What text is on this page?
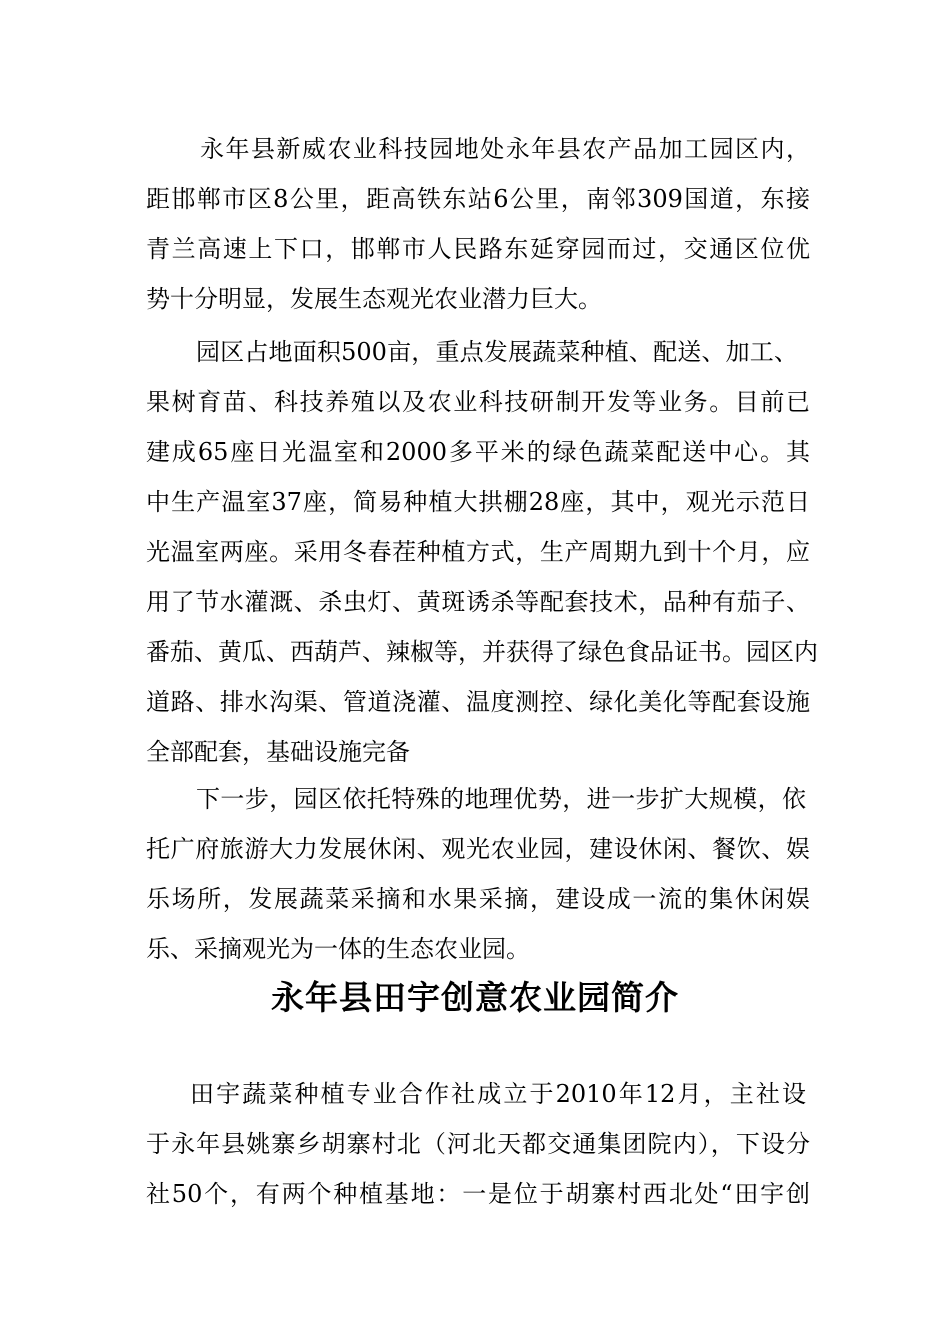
永年县新威农业科技园地处永年县农产品加工园区内，
距邯郸市区8公里，距高铁东站6公里，南邻309国道，东接
青兰高速上下口，邯郸市人民路东延穿园而过，交通区位优
势十分明显，发展生态观光农业潜力巨大。
园区占地面积500亩，重点发展蔬菜种植、配送、加工、
果树育苗、科技养殖以及农业科技研制开发等业务。目前已
建成65座日光温室和2000多平米的绿色蔬菜配送中心。其
中生产温室37座，简易种植大拱棚28座，其中，观光示范日
光温室两座。采用冬春茬种植方式，生产周期九到十个月，应
用了节水灌溉、杀虫灯、黄斑诱杀等配套技术，品种有茄子、
番茄、黄瓜、西葫芦、辣椒等，并获得了绿色食品证书。园区内
道路、排水沟渠、管道浇灌、温度测控、绿化美化等配套设施
全部配套，基础设施完备
下一步，园区依托特殊的地理优势，进一步扩大规模，依
托广府旅游大力发展休闲、观光农业园，建设休闲、餐饮、娱
乐场所，发展蔬菜采摘和水果采摘，建设成一流的集休闲娱
乐、采摘观光为一体的生态农业园。
永年县田宇创意农业园简介
田宇蔬菜种植专业合作社成立于2010年12月，主社设
于永年县姚寨乡胡寨村北（河北天都交通集团院内），下设分
社50个，有两个种植基地：一是位于胡寨村西北处“田宇创
